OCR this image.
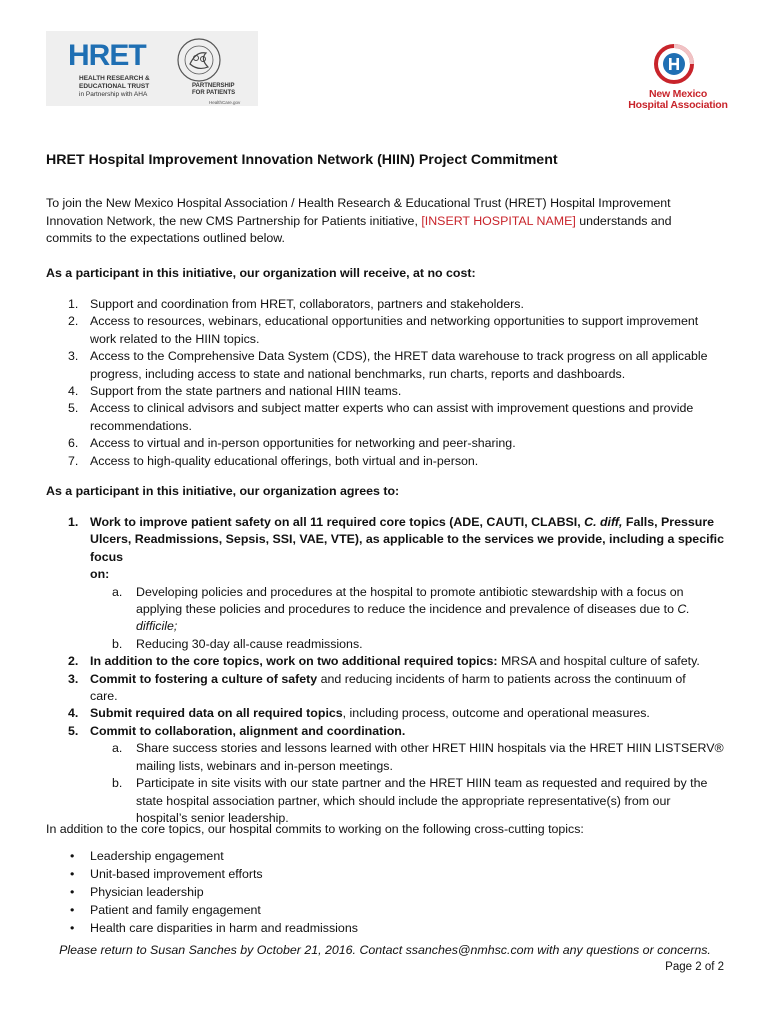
HRET
HEALTH RESEARCH &
EDUCATIONAL TRUST
in Partnership with AHA
PARTNERSHIP
FOR PATIENTS
HealthCare.gov
New Mexico
Hospital Association
HRET Hospital Improvement Innovation Network (HIIN) Project Commitment
To join the New Mexico Hospital Association / Health Research & Educational Trust (HRET) Hospital Improvement
Innovation Network, the new CMS Partnership for Patients initiative, [INSERT HOSPITAL NAME] understands and
commits to the expectations outlined below.
As a participant in this initiative, our organization will receive, at no cost:
1. Support and coordination from HRET, collaborators, partners and stakeholders.
2. Access to resources, webinars, educational opportunities and networking opportunities to support improvement
work related to the HIIN topics.
3. Access to the Comprehensive Data System (CDS), the HRET data warehouse to track progress on all applicable
progress, including access to state and national benchmarks, run charts, reports and dashboards.
4. Support from the state partners and national HIIN teams.
5. Access to clinical advisors and subject matter experts who can assist with improvement questions and provide
recommendations.
6. Access to virtual and in-person opportunities for networking and peer-sharing.
7. Access to high-quality educational offerings, both virtual and in-person.
As a participant in this initiative, our organization agrees to:
1. Work to improve patient safety on all 11 required core topics (ADE, CAUTI, CLABSI, C. diff, Falls, Pressure
Ulcers, Readmissions, Sepsis, SSI, VAE, VTE), as applicable to the services we provide, including a specific focus
on:
a. Developing policies and procedures at the hospital to promote antibiotic stewardship with a focus on
applying these policies and procedures to reduce the incidence and prevalence of diseases due to C.
difficile;
b. Reducing 30-day all-cause readmissions.
2. In addition to the core topics, work on two additional required topics: MRSA and hospital culture of safety.
3. Commit to fostering a culture of safety and reducing incidents of harm to patients across the continuum of
care.
4. Submit required data on all required topics, including process, outcome and operational measures.
5. Commit to collaboration, alignment and coordination.
a. Share success stories and lessons learned with other HRET HIIN hospitals via the HRET HIIN LISTSERV®
mailing lists, webinars and in-person meetings.
b. Participate in site visits with our state partner and the HRET HIIN team as requested and required by the
state hospital association partner, which should include the appropriate representative(s) from our
hospital’s senior leadership.
In addition to the core topics, our hospital commits to working on the following cross-cutting topics:
• Leadership engagement
• Unit-based improvement efforts
• Physician leadership
• Patient and family engagement
• Health care disparities in harm and readmissions
Please return to Susan Sanches by October 21, 2016. Contact ssanches@nmhsc.com with any questions or concerns.
Page 2 of 2
